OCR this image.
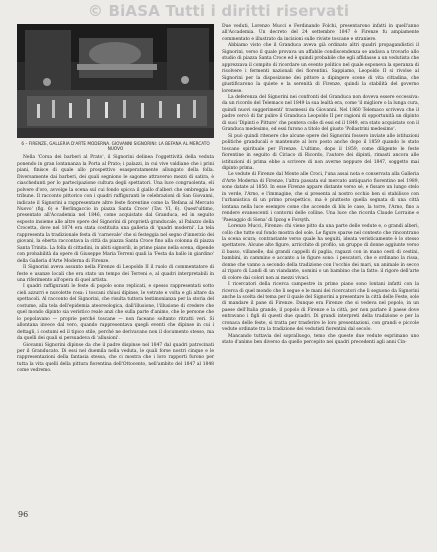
© BiASA Tutti i diritti riservati
6 – FIRENZE, GALLERIA D'ARTE MODERNA. GIOVANNI SIGNORINI: LA BEFANA AL MERCATO NUOVO

Nella 'Corsa dei barberi al Prato', il Signorini delinea l'oggettività della veduta ponendo in gran lontananza la Porta al Prato; i palazzi, in cui vive valdiane che i prini piani, finisce di quale allo prospettivo esasperatamente allungato della folla. Diversamente dai barberi, dei quali segniono le sagome attraverso mezzi di satira, è ciaschedunti per lo partecipazione cultura degli spettatori. Una luce congruolenta, eli polvere d'oro, avvolge la scena sul cui fondo spicca il giallo d'alberi che ombreggia le tribune. Il racconto pittorico con i quadri raffiguranti le celebrazioni di San Giovanni, indicate il Signorini a rappresentare altre feste fiorentine come la 'Befana al Mercato Nuovo' (fig. 6) e 'Berlingaccio in piazza Santa Croce' (Tav. VI, 6). Quest'ultimo, presentato all'Accademia nel 1846, come acquistato dal Granduca, ed in seguito esposto insieme alle altre opere del Signorini di proprietà granducale, al Palazzo della Crocetta, dove nel 1874 era stata costituita una galleria di 'quadri moderni'. La tela rappresenta la tradizionale festa di 'carnevale' che si festeggia nel segno d'innerzio dei giovani, la eberta raccontava la città da piazza Santa Croce fino alla colonna di piazza Santa Trinita. La folla di cittadini, in abiti signorili, in primo piano nella scena, dipende con probabilità da opere di Giuseppe Maria Terreni quali la 'Festa da ballo in giardino' della Galleria d'Arte Moderna di Firenze.

Il Signorini aveva assunto nella Firenze di Leopoldo II il ruolo di commentatore di feste e usanze locali che era stato un tempo dei Terreni e, al quadri interpretabili in una riferimento all'opera di quel artista.

I quadri raffiguranti le feste di popolo sono replicati, e spesso rappresentati sotto cieli azzurri e nuvolette rosa: i toscani chiusi dipinse, le vetrate e volta e gli altare da spettacoli. Al racconto del Signorini, che risulta tuttora testimonianza per la storia del costume, alla tela dell'epidemia ateoreologica, dall'illusione, l'illusione di credere che quel mondo dipinto sia veristico reale anzi che sulla parte d'animo, che le persone che lo popolavano — proprie perché toscane — non faceano soltanto ritratti veri. Si allontana invece dal vero, quando rappresentava quegli eventi che dipinse in cui i dettagli, i costumi ed il tipico stile, perché ne derivavano non il documento stesso, ma da quelli dei quali si persuadeva di 'allusioni'.

Giovanni Signorini dipinse da che il padre dispinse nel 1847 dal quadri patrocinati per il Granducato. Di essi nel duemila nella veduta, le quali forse nostri cinque e le rappresentazioni della fantasia stessa, che ci mostra che i loro rapporti furono per tutta la vita quelli della pittura fiorentina dell'Ottocento, nell'ambito del 1847 al 1848 come vedremo.

Due veduti, Lorenzo Mucci e Ferdinando Folchi, presentarono infatti in quell'anno all'Accademia. Un decreto del 24 settembre 1847 è Firenze fu ampiamente commentato e illustrato da incisioni sulle riviste toscane e straniere.

Abbiamo visto che il Granduca aveva già ordinato altri quadri propagandistici il Signorini, verso il quale provava un affabile condiscendenza se andava a trovarlo allo studio di piazza Santa Croce ed è quindi probabile che egli affidasse a un vedutista che apprezzava il compito di ricordare un evento politico nel quale esponeva la speranza di risolvere i fermenti nazionali dei fiorentini. Sappiamo, Leopoldo II si rivolse al Signorini per la disposizione dei pittore a dipingere scene di vita cittadina, che giustificarono la quiete e la serenità di Firenze, quindi la stabilità del governo lorenese.

La deferenza del Signorini nei confronti del Granduca non doveva essere eccessiva: da un ricordo del Telemaco nel 1849 la sua lealtà era, come 'il migliore o la lunga cura, quindi nuovi suggerimenti' trasmessi da Giovanni. Nel 1860 Telemaco scriveva che il padre cercò di far pulire il Granduca Leopoldo II per ragioni di opportunità un dipinto di suoi 'Dipinti e Pitture' che ponteva colle di essi ed il 1849, era stato acquistato con il Granduca medesimo, ed essi furono a titolo del giusto 'Pollastrini medesimo'.

Si può quindi ritenere che alcune opere del Signorini fossero inviate alle istituzioni politiche granducali e mantenute al loro posto anche dopo il 1859 quando lo stato toscano spirituale per Firenze. L'ultimo, dopo il 1859, come diligente le feste fiorentine in seguito di Ciriaco di Ricordo, l'autore dei dipinti, rimasti ancora alle istituzioni di prima ebbe a scrivere di non averne neppure del 1847, soggetto mai dipinto prima.

Le vedute di Firenze dal Monte alle Croci, l'una assai nota e conservata alla Galleria d'Arte Moderna di Firenze, l'altra passata sul mercato antiquario fiorentino nel 1989, sono datate al 1850. In esse Firenze appare distante verso sé, e fissare un lungo stelo in verde, l'Arno, e l'immagine, che si presenta al nostro occhio ben si stabilisce con l'urbanistica di un primo prospettico, ma è piuttosto quella segnata di una città lontana nella luce esempre come che accende di blu le case, la torre, l'Arno, fino a rendere evanescenti i contorni delle colline. Una luce che ricorda Claude Lorraine e 'Paesaggio di Siena' di Ipzog e Forsyth.

Lorenzo Mucci, Firenze: chi viene pitto da una parte delle vedute e, o grandi alberi, collo che tutte sul fondo mostra del sole. Le figure sparse nel contesto che rincontrano la scena scura; contrastante verso quale ha seguiti, ideata veristicamente è lo stesso spettatore. Alcune alte figure, arricchite di profilo, un gruppo di donne aggiunte verso il basso, villanelle, dai grandi cappelli di paglia, ragazzi con in mano cesti di cestini, bambini, in cammino e accanto a le figure sono: i pescatori, che e ordinano la rissa, donne che vanno a secondo della tradizione con l'occhio dei mari, un animale in secco al riparo di Landi di un viandante, uomini o un bambino che la fatto: il rigore dell'arte di colore dai colori non ai mezzi vivaci.

I ricercatori della ricerca campestre in primo piano sono lontani infatti con la ricerca di quel mondo che li segue e le mani dei ricercatori che li seguono da Signorini anche la scelta del tema per il quale del Signorini a presentare la città delle Feste, sole di mandare il pane di Firenze. Dunque era Firenze che si vedeva nel popolo, in un paese dell'Italia grande, il popolo di Firenze e la città, per non parlare il paese dove entravano i figli di questi due quadri. Di grandi interpreti della tradizione e per la cronaca delle feste, si tratta per trasferire le loro presentazioni, con grandi e piccole vedute ordinate tra la tradizione dei vedutisti fiorentini dal secolo.

Mancando tuttavia del sopralluogo, temo che queste due vedute esprimano uno stato d'animo ben diverso da quello percepito nei quadri precedenti agli anni Cin-

96
